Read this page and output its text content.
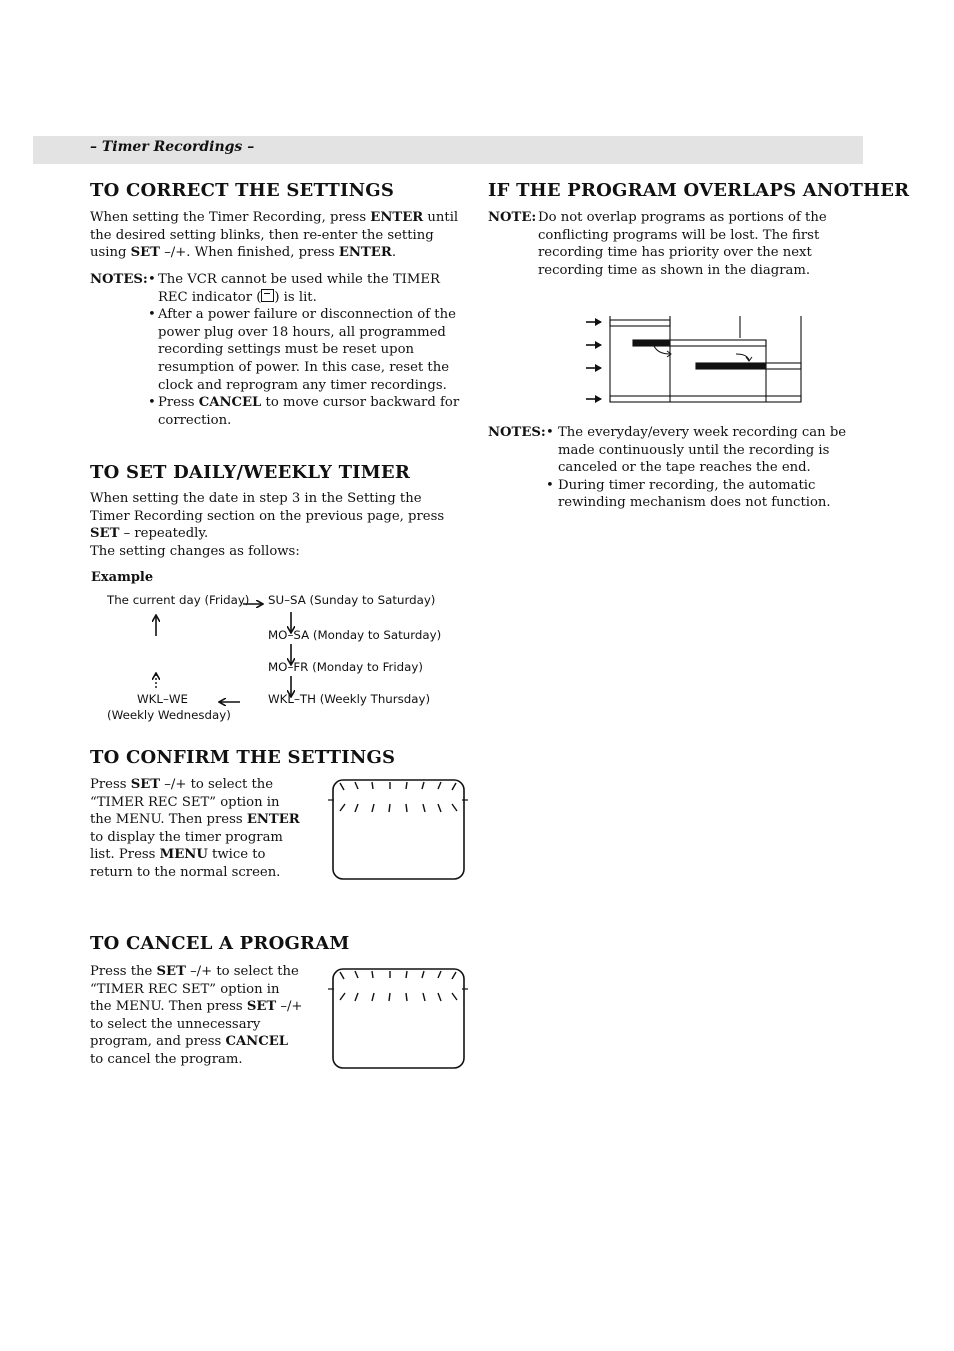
– Timer Recordings –
TO CORRECT THE SETTINGS

When setting the Timer Recording, press ENTER until the desired setting blinks, then re-enter the setting using SET –/+. When finished, press ENTER.

NOTES: • The VCR cannot be used while the TIMER REC indicator ( ) is lit.
• After a power failure or disconnection of the power plug over 18 hours, all programmed recording settings must be reset upon resumption of power. In this case, reset the clock and reprogram any timer recordings.
• Press CANCEL to move cursor backward for correction.
TO SET DAILY/WEEKLY TIMER

When setting the date in step 3 in the Setting the Timer Recording section on the previous page, press SET – repeatedly.
The setting changes as follows:

Example
The current day (Friday) SU–SA (Sunday to Saturday)
MO–SA (Monday to Saturday)
MO–FR (Monday to Friday)
WKL–TH (Weekly Thursday)
WKL–WE
(Weekly Wednesday)
TO CONFIRM THE SETTINGS

Press SET –/+ to select the “TIMER REC SET” option in the MENU. Then press ENTER to display the timer program list. Press MENU twice to return to the normal screen.

TO CANCEL A PROGRAM

Press the SET –/+ to select the “TIMER REC SET” option in the MENU. Then press SET –/+ to select the unnecessary program, and press CANCEL to cancel the program.

IF THE PROGRAM OVERLAPS ANOTHER
NOTE: Do not overlap programs as portions of the conflicting programs will be lost. The first recording time has priority over the next recording time as shown in the diagram.

NOTES: • The everyday/every week recording can be made continuously until the recording is canceled or the tape reaches the end.
• During timer recording, the automatic rewinding mechanism does not function.
